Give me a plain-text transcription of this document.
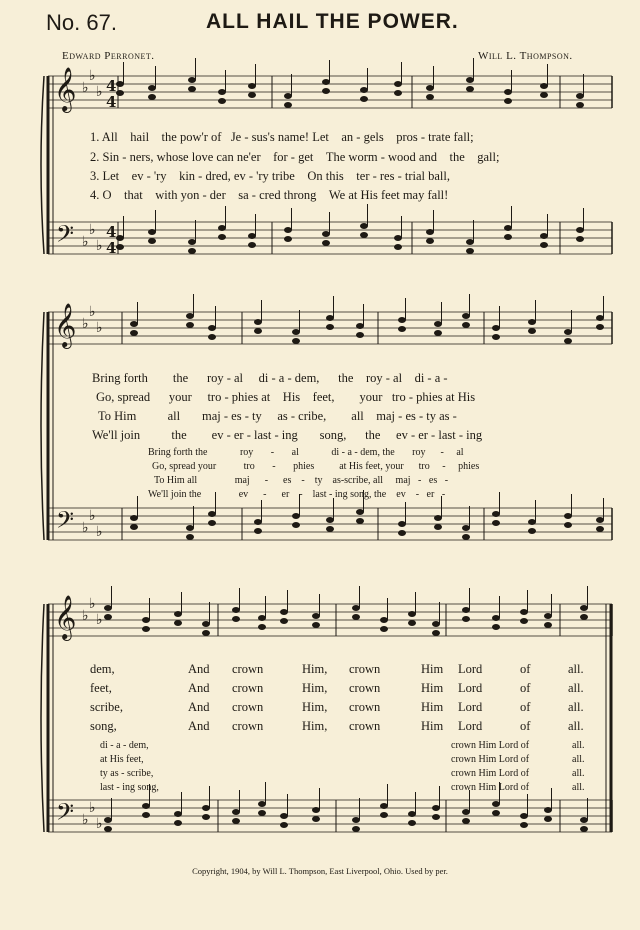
No. 67.	ALL HAIL THE POWER.
Edward Perronet.	Will L. Thompson.
𝄞
𝄢
♭
♭
♭
♭
♭
♭
4
4
4
4
𝄞
𝄢
♭
♭
♭
♭
♭
♭
𝄞
𝄢
♭
♭
♭
♭
♭
♭
1. All hail the pow'r of Je - sus's name! Let an - gels pros - trate fall;
2. Sin - ners, whose love can ne'er for - get The worm - wood and the gall;
3. Let ev - 'ry kin - dred, ev - 'ry tribe On this ter - res - trial ball,
4. O that with yon - der sa - cred throng We at His feet may fall!
Bring forth the roy - al di - a - dem, the roy - al di - a -
Go, spread your tro - phies at His feet, your tro - phies at His
To Him	all maj - es - ty as - cribe, all maj - es - ty as -
We'll join	the ev - er - last - ing song, the ev - er - last - ing
Bring forth the	roy - al	di - a - dem, the roy - al
Go, spread your	tro - phies	at His feet, your tro - phies
To Him all	maj - es - ty as-scribe, all maj - es -
We'll join the	ev - er - last - ing song, the ev - er -
dem,	And crown	Him, crown	Him Lord	of	all.
feet,	And crown	Him, crown	Him Lord	of	all.
scribe,	And crown	Him, crown	Him Lord	of	all.
song,	And crown	Him, crown	Him Lord	of	all.
di - a - dem,	crown Him Lord of	all.
at His feet,	crown Him Lord of	all.
ty as - scribe,	crown Him Lord of	all.
last - ing song,	crown Him Lord of	all.
Copyright, 1904, by Will L. Thompson, East Liverpool, Ohio. Used by per.
